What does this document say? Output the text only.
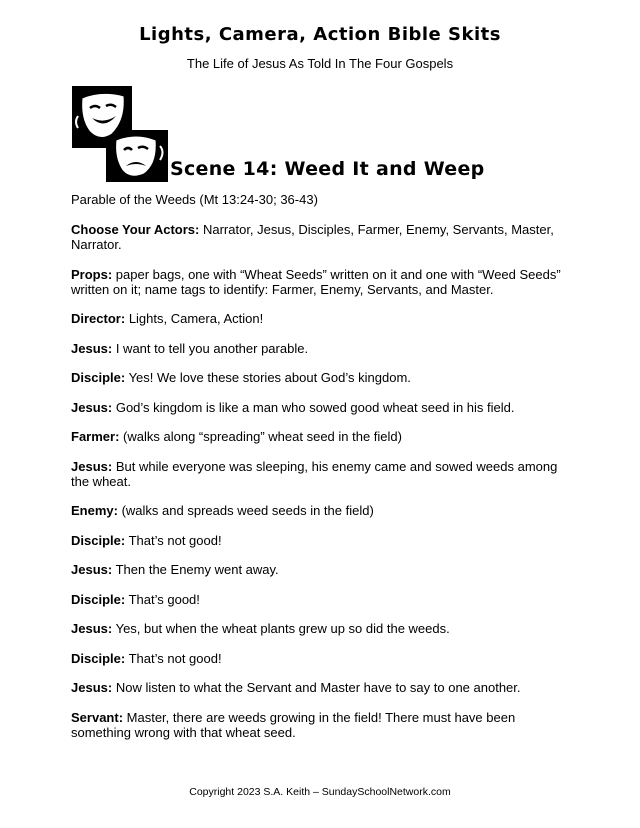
Lights, Camera, Action Bible Skits
The Life of Jesus As Told In The Four Gospels
Scene 14: Weed It and Weep
Parable of the Weeds (Mt 13:24-30; 36-43)

Choose Your Actors: Narrator, Jesus, Disciples, Farmer, Enemy, Servants, Master, Narrator.

Props: paper bags, one with “Wheat Seeds” written on it and one with “Weed Seeds” written on it; name tags to identify: Farmer, Enemy, Servants, and Master.

Director: Lights, Camera, Action!

Jesus: I want to tell you another parable.

Disciple: Yes! We love these stories about God’s kingdom.

Jesus: God’s kingdom is like a man who sowed good wheat seed in his field.

Farmer: (walks along “spreading” wheat seed in the field)

Jesus: But while everyone was sleeping, his enemy came and sowed weeds among the wheat.

Enemy: (walks and spreads weed seeds in the field)

Disciple: That’s not good!

Jesus: Then the Enemy went away.

Disciple: That’s good!

Jesus: Yes, but when the wheat plants grew up so did the weeds.

Disciple: That’s not good!

Jesus: Now listen to what the Servant and Master have to say to one another.

Servant: Master, there are weeds growing in the field! There must have been something wrong with that wheat seed.

Copyright 2023 S.A. Keith – SundaySchoolNetwork.com
